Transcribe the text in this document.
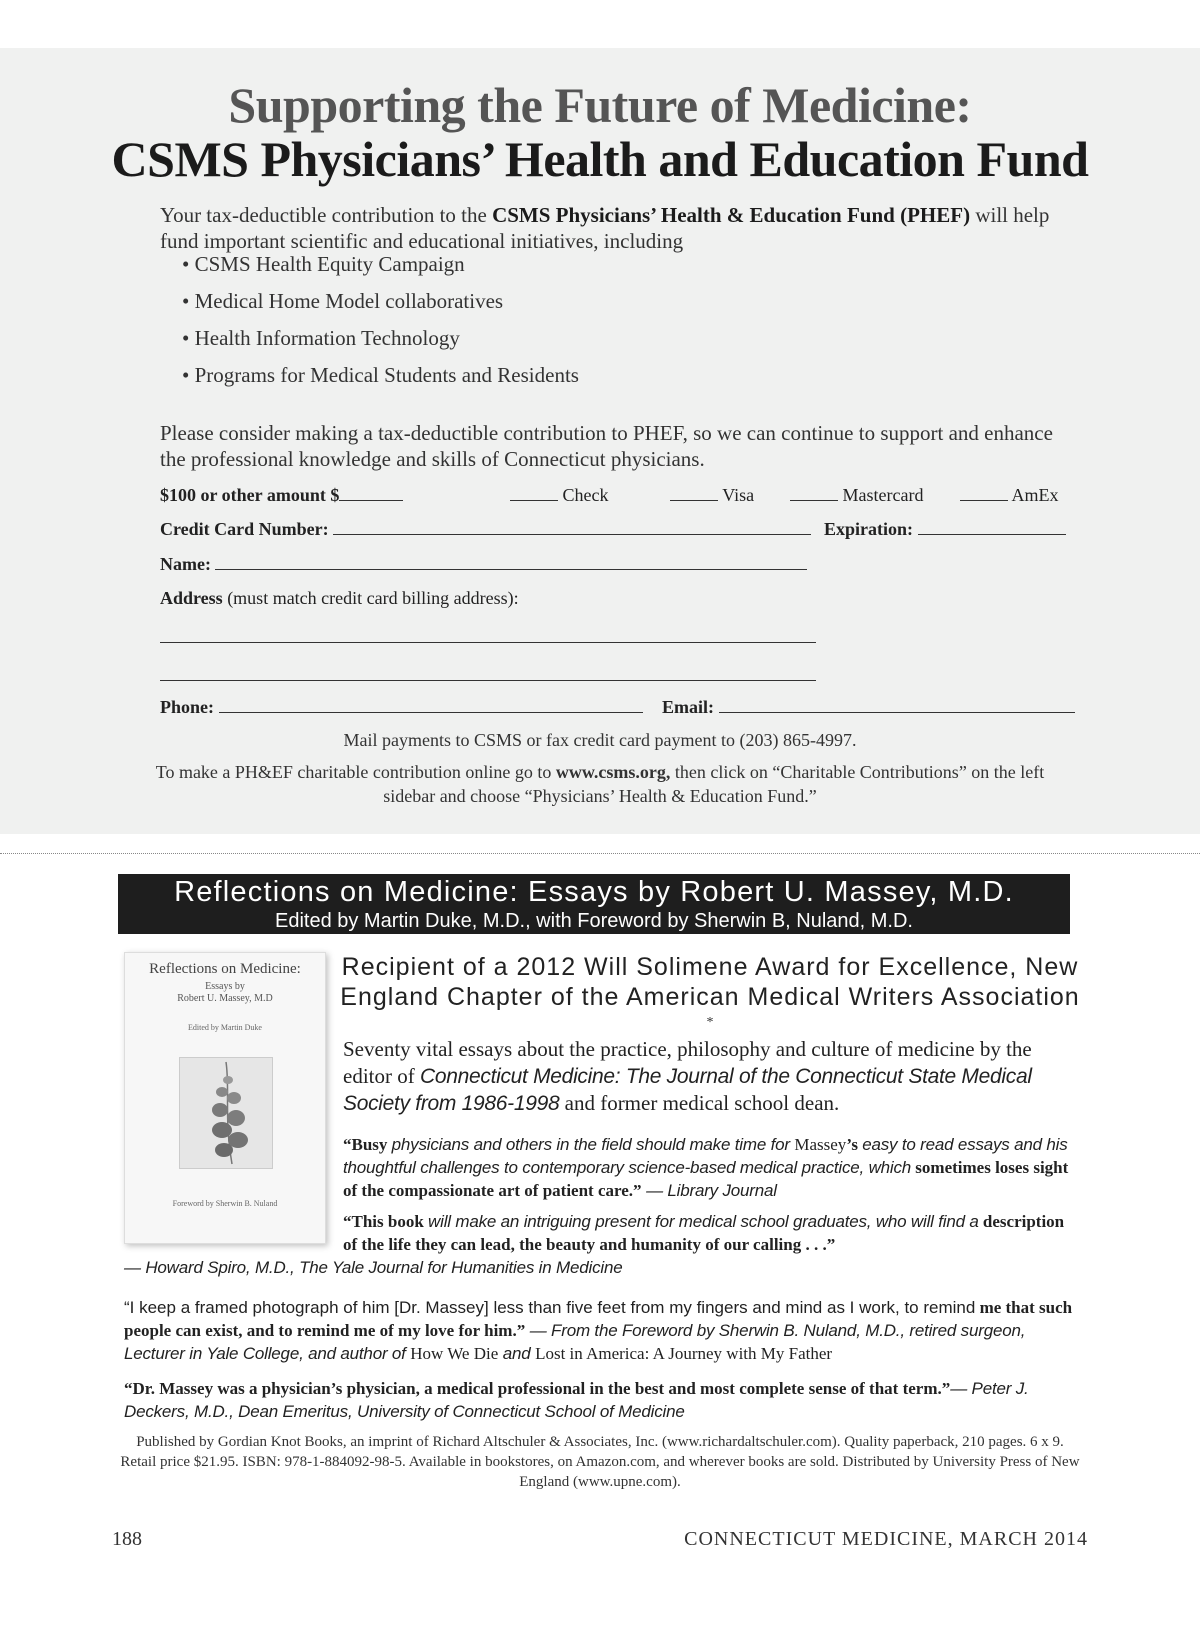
Supporting the Future of Medicine:
CSMS Physicians’ Health and Education Fund
Your tax-deductible contribution to the CSMS Physicians’ Health & Education Fund (PHEF) will help fund important scientific and educational initiatives, including
• CSMS Health Equity Campaign
• Medical Home Model collaboratives
• Health Information Technology
• Programs for Medical Students and Residents
Please consider making a tax-deductible contribution to PHEF, so we can continue to support and enhance the professional knowledge and skills of Connecticut physicians.
$100 or other amount $	Check	Visa	Mastercard	AmEx
Credit Card Number:	Expiration:
Name:
Address (must match credit card billing address):
Phone:	Email:
Mail payments to CSMS or fax credit card payment to (203) 865-4997.
To make a PH&EF charitable contribution online go to www.csms.org, then click on “Charitable Contributions” on the left sidebar and choose “Physicians’ Health & Education Fund.”
Reflections on Medicine: Essays by Robert U. Massey, M.D.
Edited by Martin Duke, M.D., with Foreword by Sherwin B, Nuland, M.D.
Reflections on Medicine:
Essays by
Robert U. Massey, M.D
Edited by Martin Duke
Foreword by Sherwin B. Nuland
Recipient of a 2012 Will Solimene Award for Excellence, New England Chapter of the American Medical Writers Association
*
Seventy vital essays about the practice, philosophy and culture of medicine by the editor of Connecticut Medicine: The Journal of the Connecticut State Medical Society from 1986-1998 and former medical school dean.
“Busy physicians and others in the field should make time for Massey’s easy to read essays and his thoughtful challenges to contemporary science-based medical practice, which sometimes loses sight of the compassionate art of patient care.” — Library Journal
“This book will make an intriguing present for medical school graduates, who will find a description of the life they can lead, the beauty and humanity of our calling . . .”
— Howard Spiro, M.D., The Yale Journal for Humanities in Medicine
“I keep a framed photograph of him [Dr. Massey] less than five feet from my fingers and mind as I work, to remind me that such people can exist, and to remind me of my love for him.” — From the Foreword by Sherwin B. Nuland, M.D., retired surgeon, Lecturer in Yale College, and author of How We Die and Lost in America: A Journey with My Father
“Dr. Massey was a physician’s physician, a medical professional in the best and most complete sense of that term.”— Peter J. Deckers, M.D., Dean Emeritus, University of Connecticut School of Medicine
Published by Gordian Knot Books, an imprint of Richard Altschuler & Associates, Inc. (www.richardaltschuler.com). Quality paperback, 210 pages. 6 x 9. Retail price $21.95. ISBN: 978-1-884092-98-5. Available in bookstores, on Amazon.com, and wherever books are sold. Distributed by University Press of New England (www.upne.com).
188	CONNECTICUT MEDICINE, MARCH 2014
